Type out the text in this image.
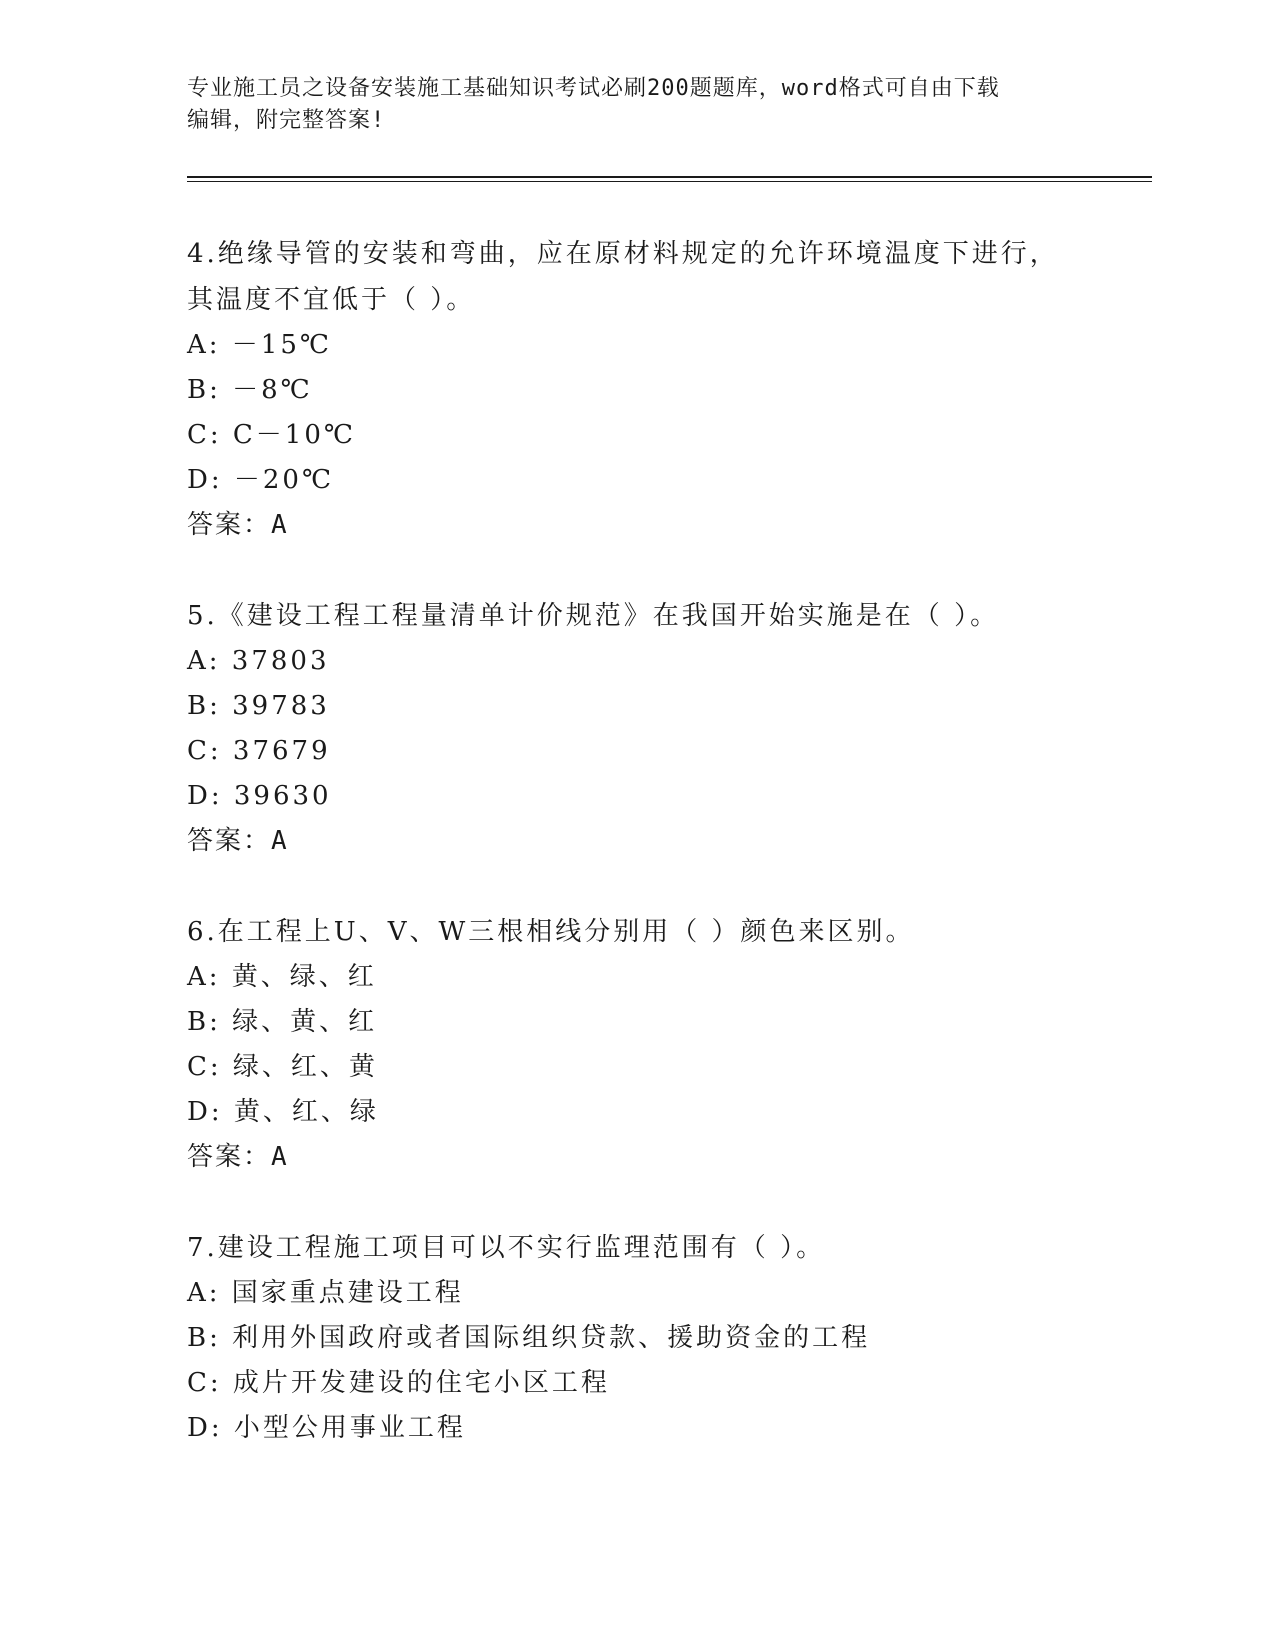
专业施工员之设备安装施工基础知识考试必刷200题题库，word格式可自由下载
编辑，附完整答案!
4.绝缘导管的安装和弯曲，应在原材料规定的允许环境温度下进行，
其温度不宜低于（ ）。
A: －15℃
B: －8℃
C: C－10℃
D: －20℃
答案：A
5.《建设工程工程量清单计价规范》在我国开始实施是在（ ）。
A: 37803
B: 39783
C: 37679
D: 39630
答案：A
6.在工程上U、V、W三根相线分别用（ ）颜色来区别。
A: 黄、绿、红
B: 绿、黄、红
C: 绿、红、黄
D: 黄、红、绿
答案：A
7.建设工程施工项目可以不实行监理范围有（ ）。
A: 国家重点建设工程
B: 利用外国政府或者国际组织贷款、援助资金的工程
C: 成片开发建设的住宅小区工程
D: 小型公用事业工程
